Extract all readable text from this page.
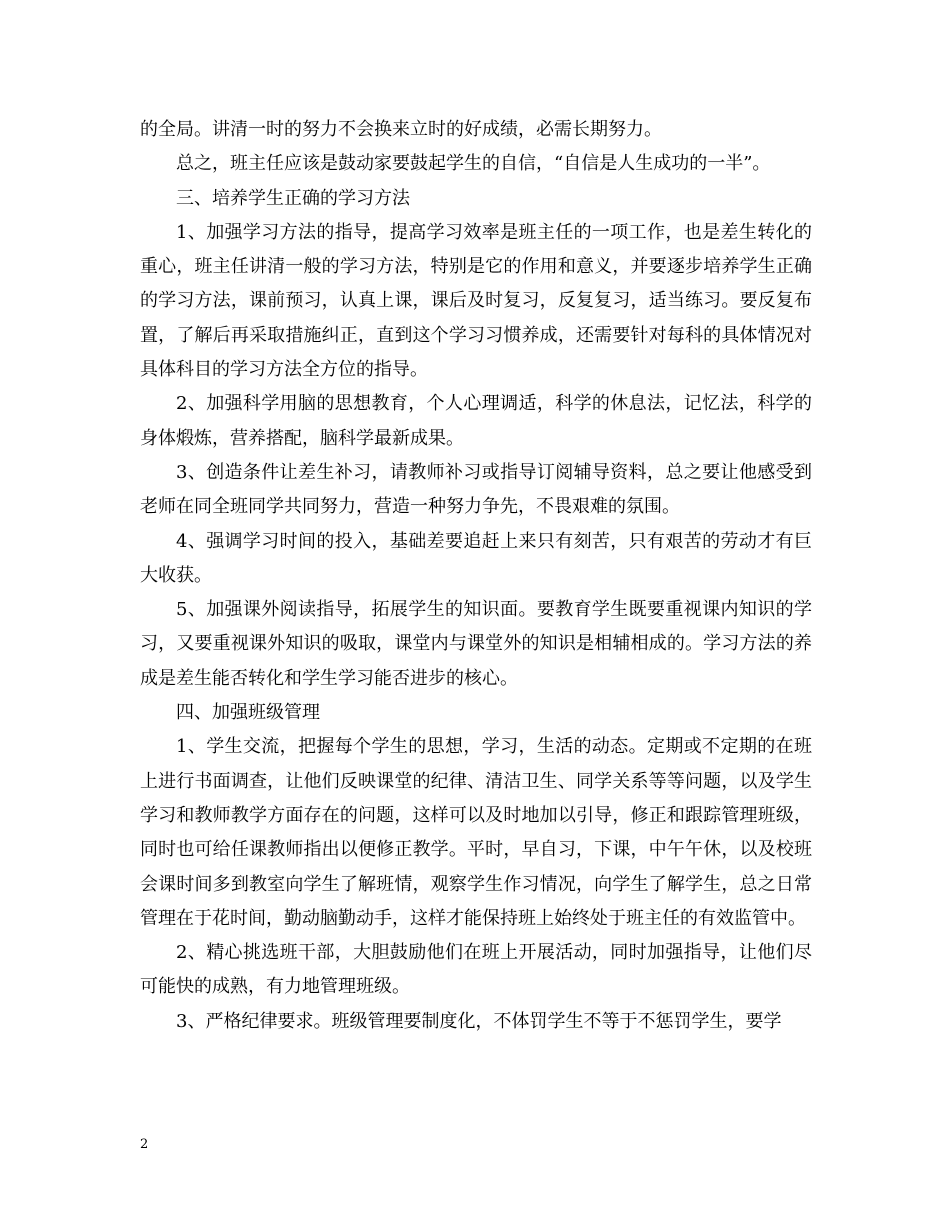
的全局。讲清一时的努力不会换来立时的好成绩，必需长期努力。

总之，班主任应该是鼓动家要鼓起学生的自信，“自信是人生成功的一半”。

三、培养学生正确的学习方法

1、加强学习方法的指导，提高学习效率是班主任的一项工作，也是差生转化的重心，班主任讲清一般的学习方法，特别是它的作用和意义，并要逐步培养学生正确的学习方法，课前预习，认真上课，课后及时复习，反复复习，适当练习。要反复布置，了解后再采取措施纠正，直到这个学习习惯养成，还需要针对每科的具体情况对具体科目的学习方法全方位的指导。

2、加强科学用脑的思想教育，个人心理调适，科学的休息法，记忆法，科学的身体煅炼，营养搭配，脑科学最新成果。

3、创造条件让差生补习，请教师补习或指导订阅辅导资料，总之要让他感受到老师在同全班同学共同努力，营造一种努力争先，不畏艰难的氛围。

4、强调学习时间的投入，基础差要追赶上来只有刻苦，只有艰苦的劳动才有巨大收获。

5、加强课外阅读指导，拓展学生的知识面。要教育学生既要重视课内知识的学习，又要重视课外知识的吸取，课堂内与课堂外的知识是相辅相成的。学习方法的养成是差生能否转化和学生学习能否进步的核心。

四、加强班级管理

1、学生交流，把握每个学生的思想，学习，生活的动态。定期或不定期的在班上进行书面调查，让他们反映课堂的纪律、清洁卫生、同学关系等等问题，以及学生学习和教师教学方面存在的问题，这样可以及时地加以引导，修正和跟踪管理班级，同时也可给任课教师指出以便修正教学。平时，早自习，下课，中午午休，以及校班会课时间多到教室向学生了解班情，观察学生作习情况，向学生了解学生，总之日常管理在于花时间，勤动脑勤动手，这样才能保持班上始终处于班主任的有效监管中。

2、精心挑选班干部，大胆鼓励他们在班上开展活动，同时加强指导，让他们尽可能快的成熟，有力地管理班级。

3、严格纪律要求。班级管理要制度化，不体罚学生不等于不惩罚学生，要学

2
